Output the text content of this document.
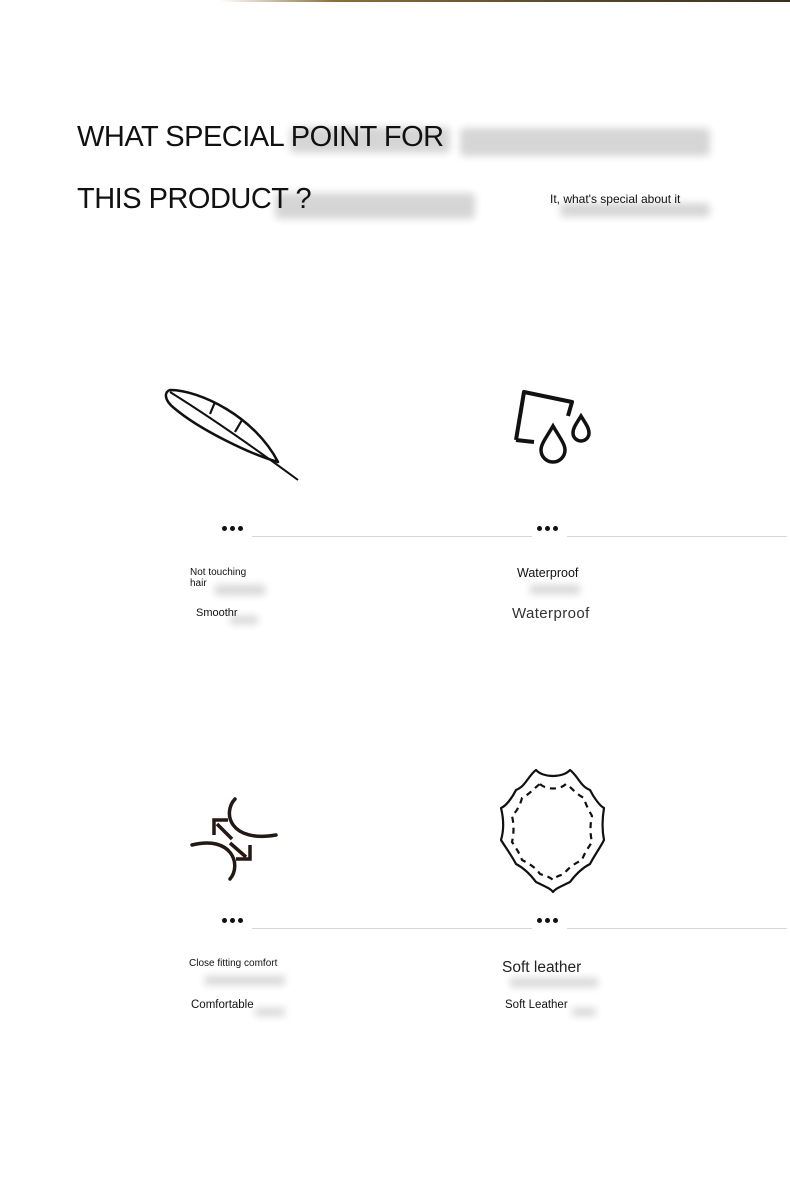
WHAT SPECIAL POINT FOR
THIS PRODUCT ?	It, what's special about it
Not touching hair
Smoothr
Waterproof
Waterproof
Close fitting comfort
Comfortable
Soft leather
Soft Leather
